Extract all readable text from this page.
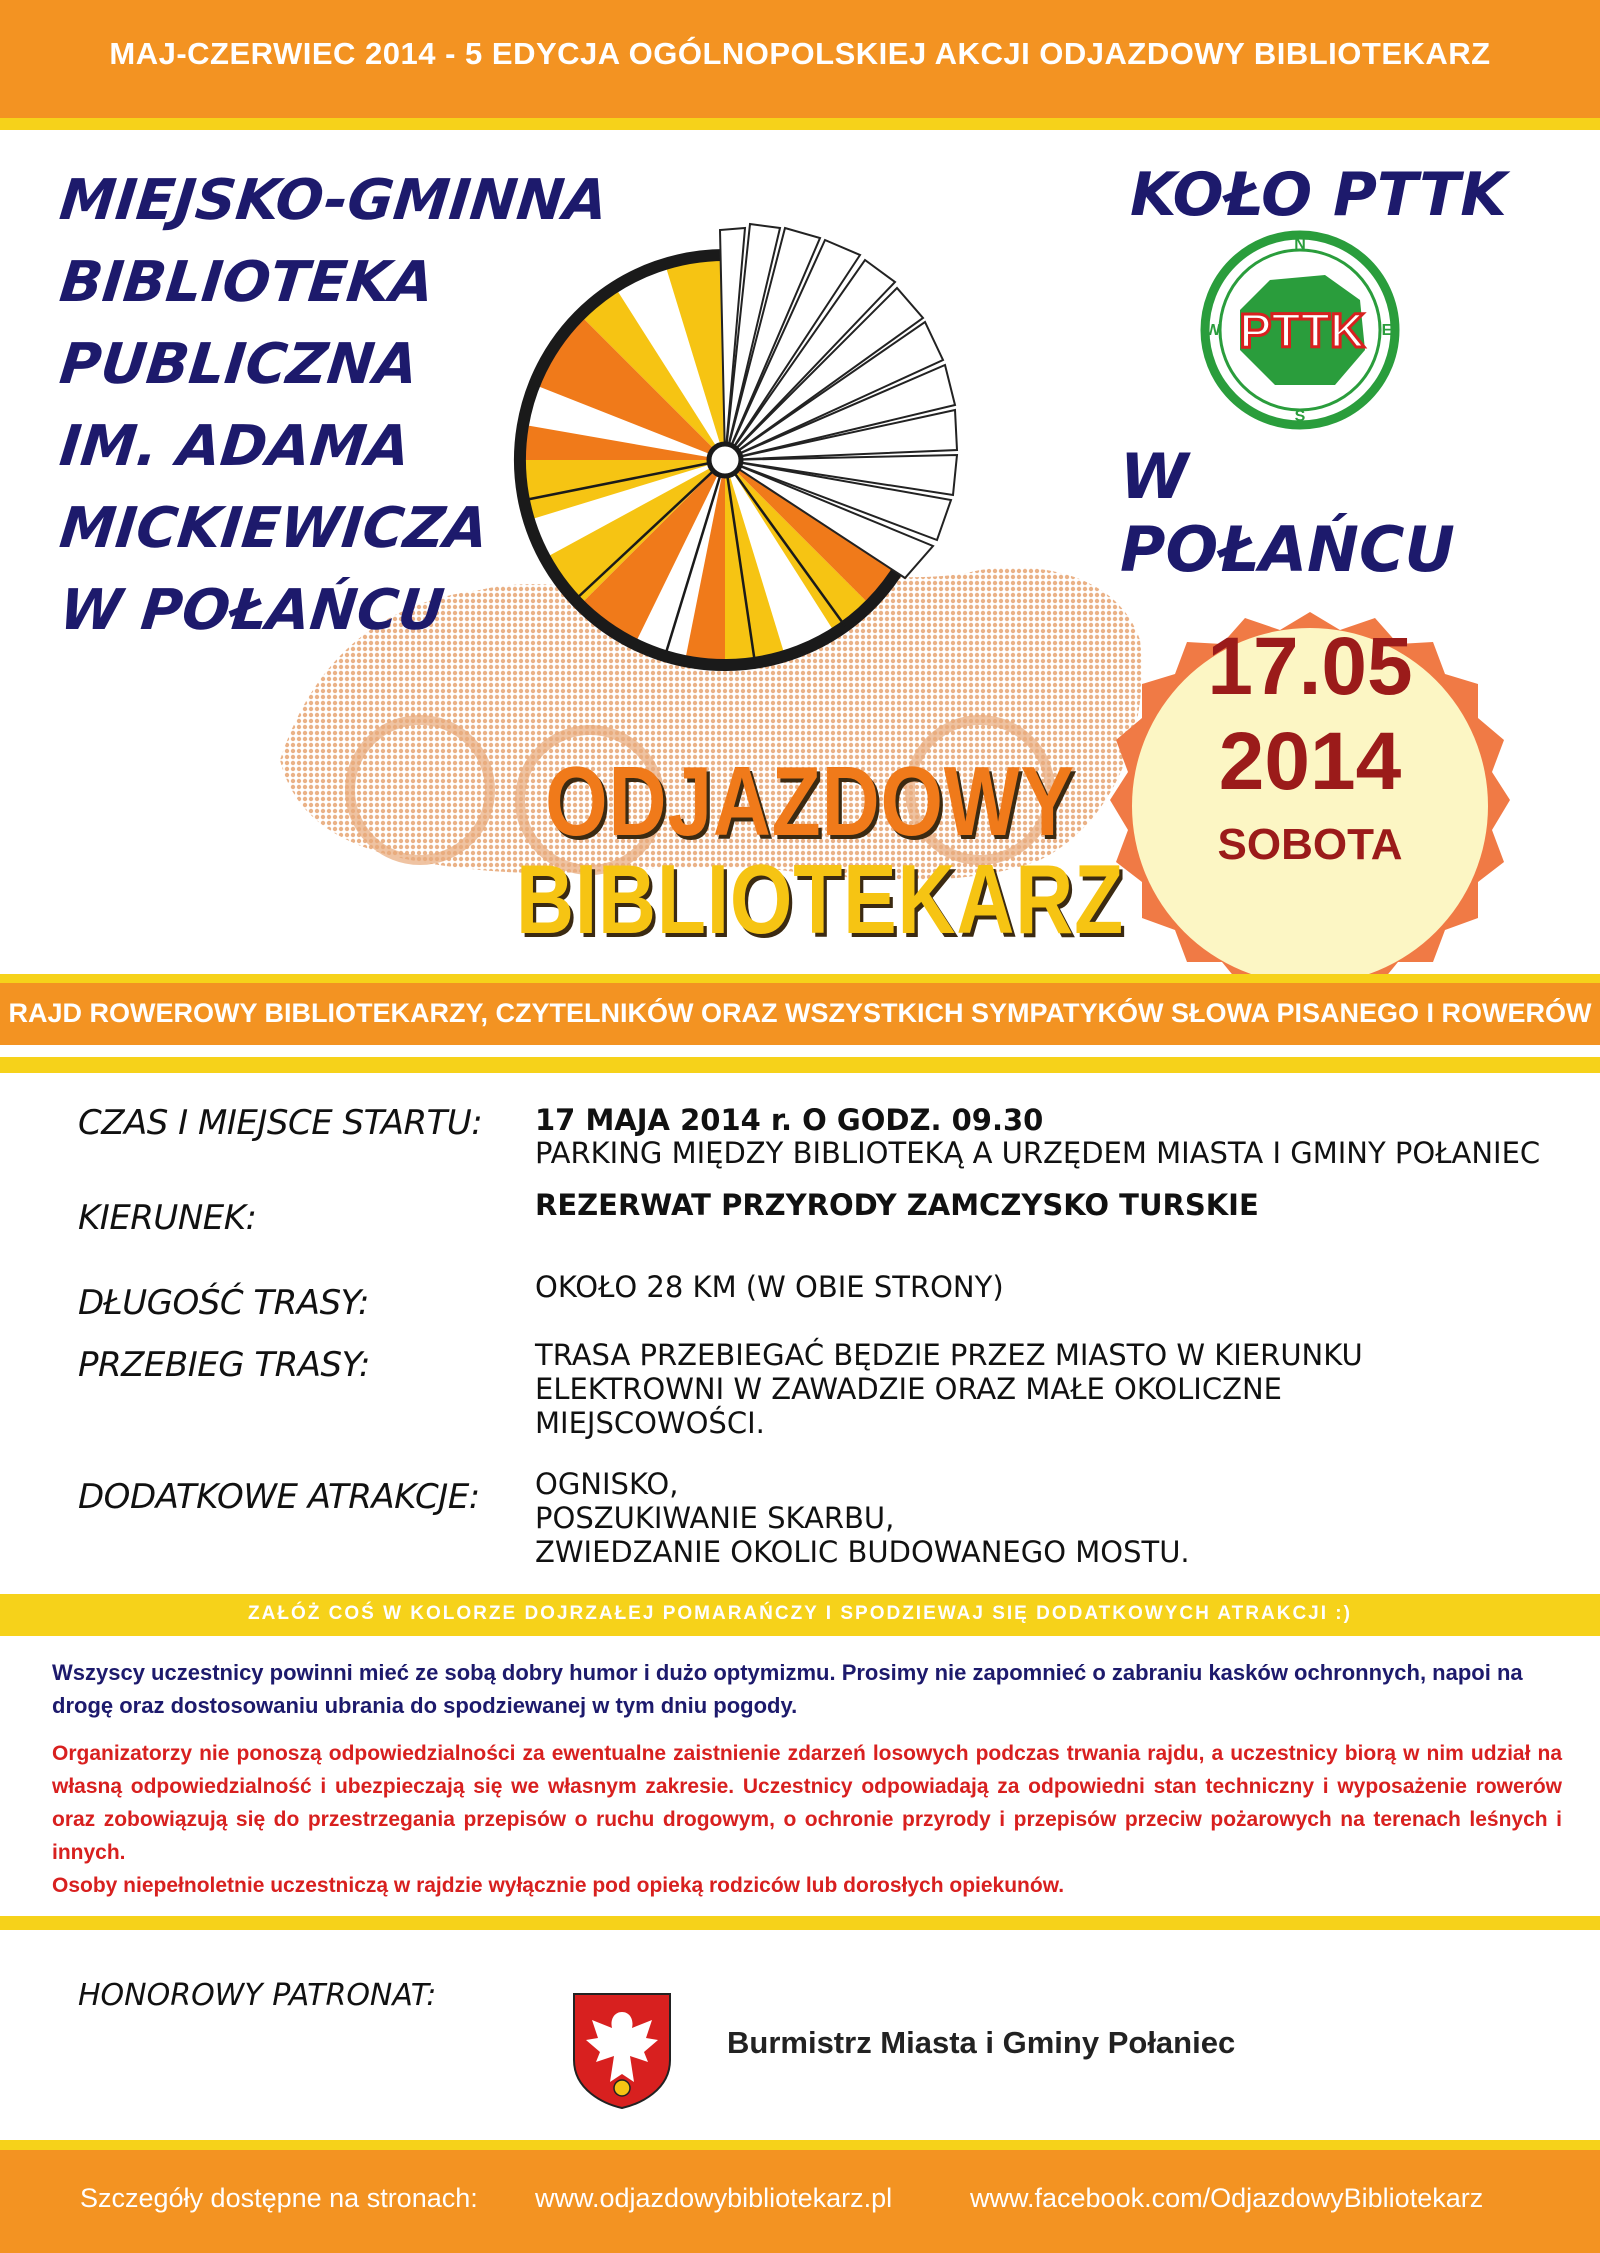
MAJ-CZERWIEC 2014 - 5 EDYCJA OGÓLNOPOLSKIEJ AKCJI ODJAZDOWY BIBLIOTEKARZ
MIEJSKO-GMINNA
BIBLIOTEKA
PUBLICZNA
IM. ADAMA
MICKIEWICZA
W POŁAŃCU
KOŁO PTTK
N
E
S
W PTTK
W POŁAŃCU
17.05
2014
SOBOTA
ODJAZDOWY
BIBLIOTEKARZ
RAJD ROWEROWY BIBLIOTEKARZY, CZYTELNIKÓW ORAZ WSZYSTKICH SYMPATYKÓW SŁOWA PISANEGO I ROWERÓW
CZAS I MIEJSCE STARTU: 17 MAJA 2014 r. O GODZ. 09.30
PARKING MIĘDZY BIBLIOTEKĄ A URZĘDEM MIASTA I GMINY POŁANIEC
KIERUNEK:	REZERWAT PRZYRODY ZAMCZYSKO TURSKIE
DŁUGOŚĆ TRASY:	OKOŁO 28 KM (W OBIE STRONY)
PRZEBIEG TRASY:	TRASA PRZEBIEGAĆ BĘDZIE PRZEZ MIASTO W KIERUNKU
ELEKTROWNI W ZAWADZIE ORAZ MAŁE OKOLICZNE
MIEJSCOWOŚCI.
DODATKOWE ATRAKCJE: OGNISKO,
POSZUKIWANIE SKARBU,
ZWIEDZANIE OKOLIC BUDOWANEGO MOSTU.
ZAŁÓŻ COŚ W KOLORZE DOJRZAŁEJ POMARAŃCZY I SPODZIEWAJ SIĘ DODATKOWYCH ATRAKCJI :)
Wszyscy uczestnicy powinni mieć ze sobą dobry humor i dużo optymizmu. Prosimy nie zapomnieć o zabraniu kasków ochronnych, napoi na drogę oraz dostosowaniu ubrania do spodziewanej w tym dniu pogody.
Organizatorzy nie ponoszą odpowiedzialności za ewentualne zaistnienie zdarzeń losowych podczas trwania rajdu, a uczestnicy biorą w nim udział na własną odpowiedzialność i ubezpieczają się we własnym zakresie. Uczestnicy odpowiadają za odpowiedni stan techniczny i wyposażenie rowerów oraz zobowiązują się do przestrzegania przepisów o ruchu drogowym, o ochronie przyrody i przepisów przeciw pożarowych na terenach leśnych i innych.
Osoby niepełnoletnie uczestniczą w rajdzie wyłącznie pod opieką rodziców lub dorosłych opiekunów.
HONOROWY PATRONAT:
Burmistrz Miasta i Gminy Połaniec
Szczegóły dostępne na stronach: www.odjazdowybibliotekarz.pl	www.facebook.com/OdjazdowyBibliotekarz
